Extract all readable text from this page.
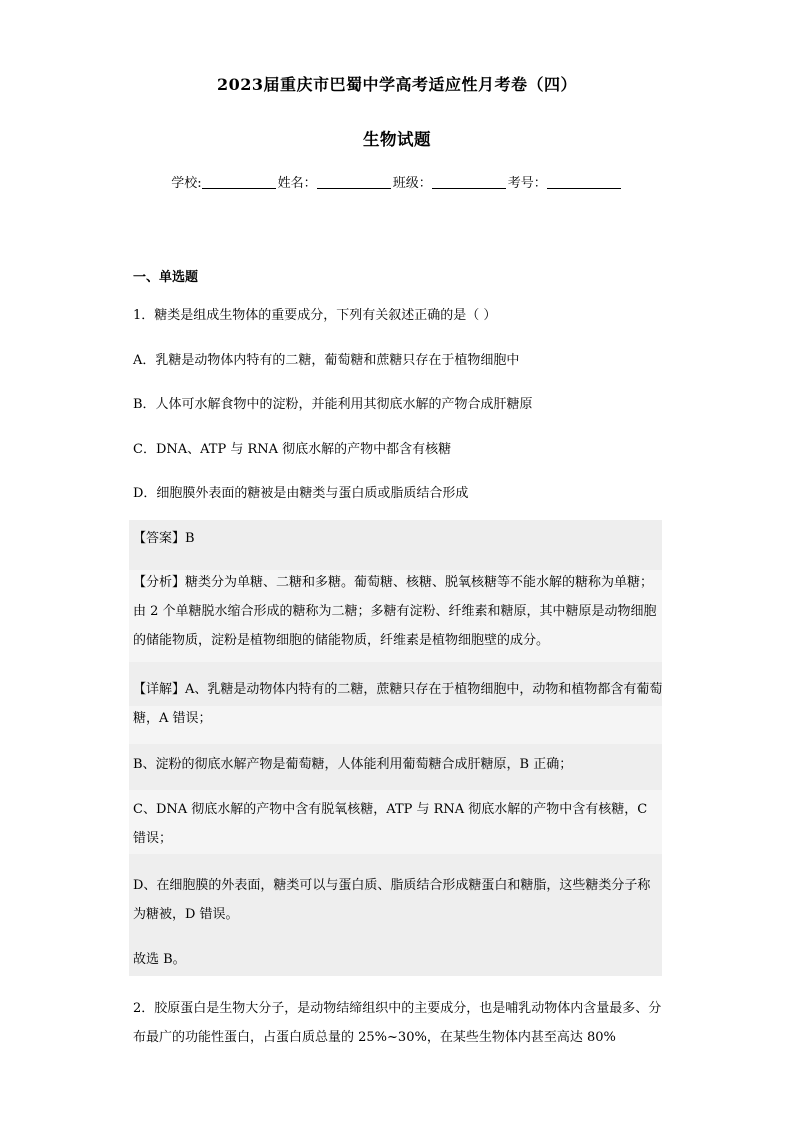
2023届重庆市巴蜀中学高考适应性月考卷（四）
生物试题
学校:	姓名：	班级：	考号：
一、单选题
1．糖类是组成生物体的重要成分，下列有关叙述正确的是（ ）
A．乳糖是动物体内特有的二糖，葡萄糖和蔗糖只存在于植物细胞中
B．人体可水解食物中的淀粉，并能利用其彻底水解的产物合成肝糖原
C．DNA、ATP 与 RNA 彻底水解的产物中都含有核糖
D．细胞膜外表面的糖被是由糖类与蛋白质或脂质结合形成
【答案】B
【分析】糖类分为单糖、二糖和多糖。葡萄糖、核糖、脱氧核糖等不能水解的糖称为单糖；由 2 个单糖脱水缩合形成的糖称为二糖；多糖有淀粉、纤维素和糖原，其中糖原是动物细胞的储能物质，淀粉是植物细胞的储能物质，纤维素是植物细胞壁的成分。
【详解】A、乳糖是动物体内特有的二糖，蔗糖只存在于植物细胞中，动物和植物都含有葡萄糖，A 错误；
B、淀粉的彻底水解产物是葡萄糖，人体能利用葡萄糖合成肝糖原，B 正确；
C、DNA 彻底水解的产物中含有脱氧核糖，ATP 与 RNA 彻底水解的产物中含有核糖，C 错误；
D、在细胞膜的外表面，糖类可以与蛋白质、脂质结合形成糖蛋白和糖脂，这些糖类分子称为糖被，D 错误。
故选 B。
2．胶原蛋白是生物大分子，是动物结缔组织中的主要成分，也是哺乳动物体内含量最多、分布最广的功能性蛋白，占蛋白质总量的 25%~30%，在某些生物体内甚至高达 80%
